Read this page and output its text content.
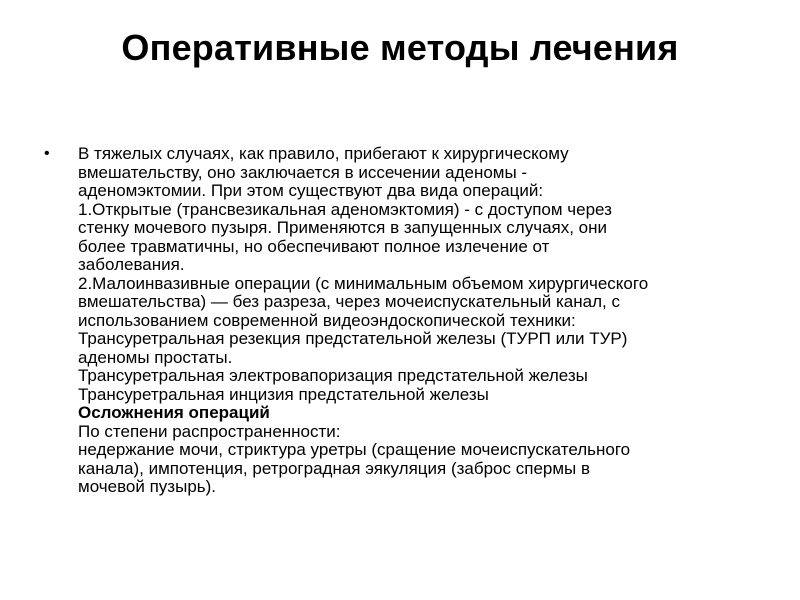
Оперативные методы лечения
• В тяжелых случаях, как правило, прибегают к хирургическому
вмешательству, оно заключается в иссечении аденомы -
аденомэктомии. При этом существуют два вида операций:
1.Открытые (трансвезикальная аденомэктомия) - с доступом через
стенку мочевого пузыря. Применяются в запущенных случаях, они
более травматичны, но обеспечивают полное излечение от
заболевания.
2.Малоинвазивные операции (с минимальным объемом хирургического
вмешательства) — без разреза, через мочеиспускательный канал, с
использованием современной видеоэндоскопической техники:
Трансуретральная резекция предстательной железы (ТУРП или ТУР)
аденомы простаты.
Трансуретральная электровапоризация предстательной железы
Трансуретральная инцизия предстательной железы
Осложнения операций
По степени распространенности:
недержание мочи, стриктура уретры (сращение мочеиспускательного
канала), импотенция, ретроградная эякуляция (заброс спермы в
мочевой пузырь).
